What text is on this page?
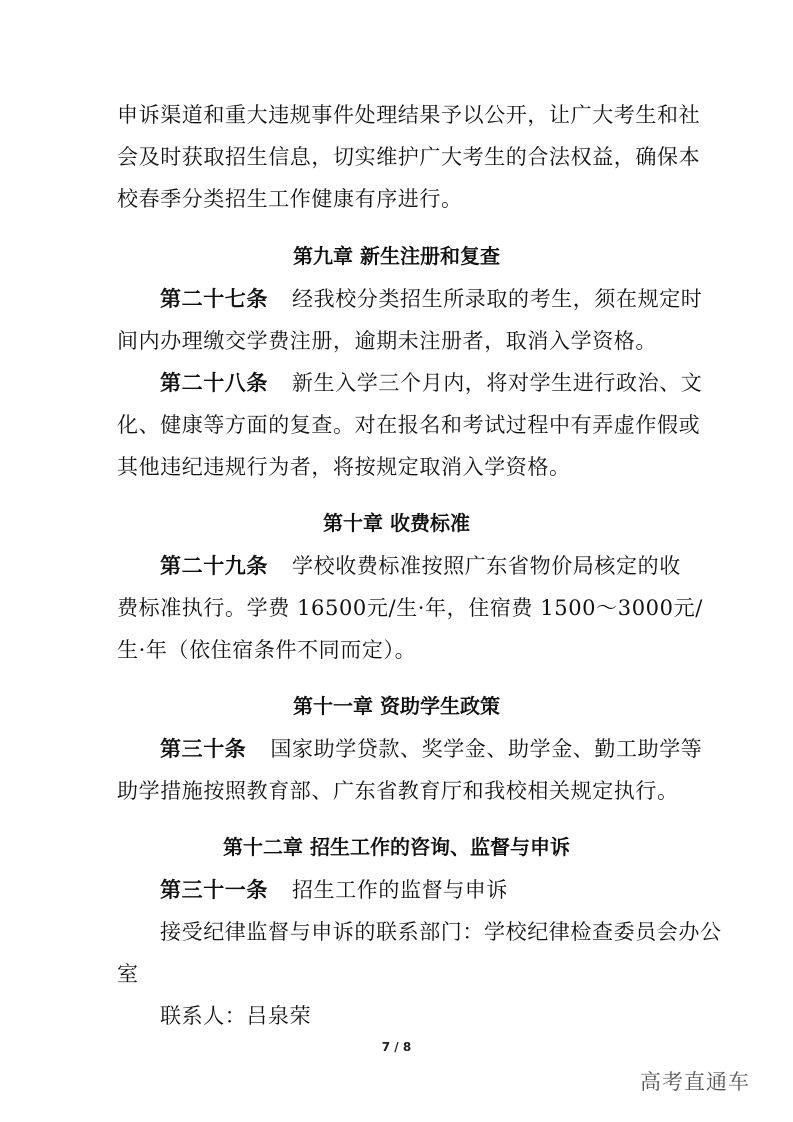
申诉渠道和重大违规事件处理结果予以公开，让广大考生和社
会及时获取招生信息，切实维护广大考生的合法权益，确保本
校春季分类招生工作健康有序进行。
第九章 新生注册和复查
第二十七条 经我校分类招生所录取的考生，须在规定时
间内办理缴交学费注册，逾期未注册者，取消入学资格。
第二十八条 新生入学三个月内，将对学生进行政治、文
化、健康等方面的复查。对在报名和考试过程中有弄虚作假或
其他违纪违规行为者，将按规定取消入学资格。
第十章 收费标准
第二十九条 学校收费标准按照广东省物价局核定的收
费标准执行。学费 16500元/生·年，住宿费 1500～3000元/
生·年（依住宿条件不同而定）。
第十一章 资助学生政策
第三十条 国家助学贷款、奖学金、助学金、勤工助学等
助学措施按照教育部、广东省教育厅和我校相关规定执行。
第十二章 招生工作的咨询、监督与申诉
第三十一条 招生工作的监督与申诉
接受纪律监督与申诉的联系部门：学校纪律检查委员会办公
室
联系人：吕泉荣
7 / 8
高考直通车
